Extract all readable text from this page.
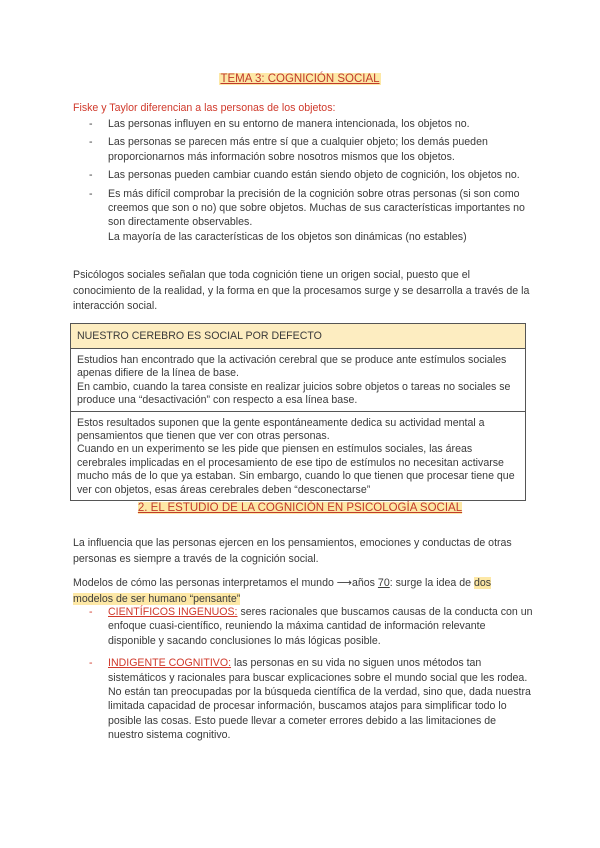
TEMA 3: COGNICIÓN SOCIAL
Fiske y Taylor diferencian a las personas de los objetos:
- Las personas influyen en su entorno de manera intencionada, los objetos no.
- Las personas se parecen más entre sí que a cualquier objeto; los demás pueden proporcionarnos más información sobre nosotros mismos que los objetos.
- Las personas pueden cambiar cuando están siendo objeto de cognición, los objetos no.
- Es más difícil comprobar la precisión de la cognición sobre otras personas (si son como creemos que son o no) que sobre objetos. Muchas de sus características importantes no son directamente observables.
La mayoría de las características de los objetos son dinámicas (no estables)
Psicólogos sociales señalan que toda cognición tiene un origen social, puesto que el conocimiento de la realidad, y la forma en que la procesamos surge y se desarrolla a través de la interacción social.
NUESTRO CEREBRO ES SOCIAL POR DEFECTO

Estudios han encontrado que la activación cerebral que se produce ante estímulos sociales apenas difiere de la línea de base.

En cambio, cuando la tarea consiste en realizar juicios sobre objetos o tareas no sociales se produce una “desactivación” con respecto a esa línea base.

Estos resultados suponen que la gente espontáneamente dedica su actividad mental a pensamientos que tienen que ver con otras personas.

Cuando en un experimento se les pide que piensen en estímulos sociales, las áreas cerebrales implicadas en el procesamiento de ese tipo de estímulos no necesitan activarse mucho más de lo que ya estaban. Sin embargo, cuando lo que tienen que procesar tiene que ver con objetos, esas áreas cerebrales deben “desconectarse”

2. EL ESTUDIO DE LA COGNICIÓN EN PSICOLOGÍA SOCIAL
La influencia que las personas ejercen en los pensamientos, emociones y conductas de otras personas es siempre a través de la cognición social.
Modelos de cómo las personas interpretamos el mundo ⟶años 70: surge la idea de dos modelos de ser humano “pensante”
- CIENTÍFICOS INGENUOS: seres racionales que buscamos causas de la conducta con un enfoque cuasi-científico, reuniendo la máxima cantidad de información relevante disponible y sacando conclusiones lo más lógicas posible.
- INDIGENTE COGNITIVO: las personas en su vida no siguen unos métodos tan sistemáticos y racionales para buscar explicaciones sobre el mundo social que les rodea. No están tan preocupadas por la búsqueda científica de la verdad, sino que, dada nuestra limitada capacidad de procesar información, buscamos atajos para simplificar todo lo posible las cosas. Esto puede llevar a cometer errores debido a las limitaciones de nuestro sistema cognitivo.
